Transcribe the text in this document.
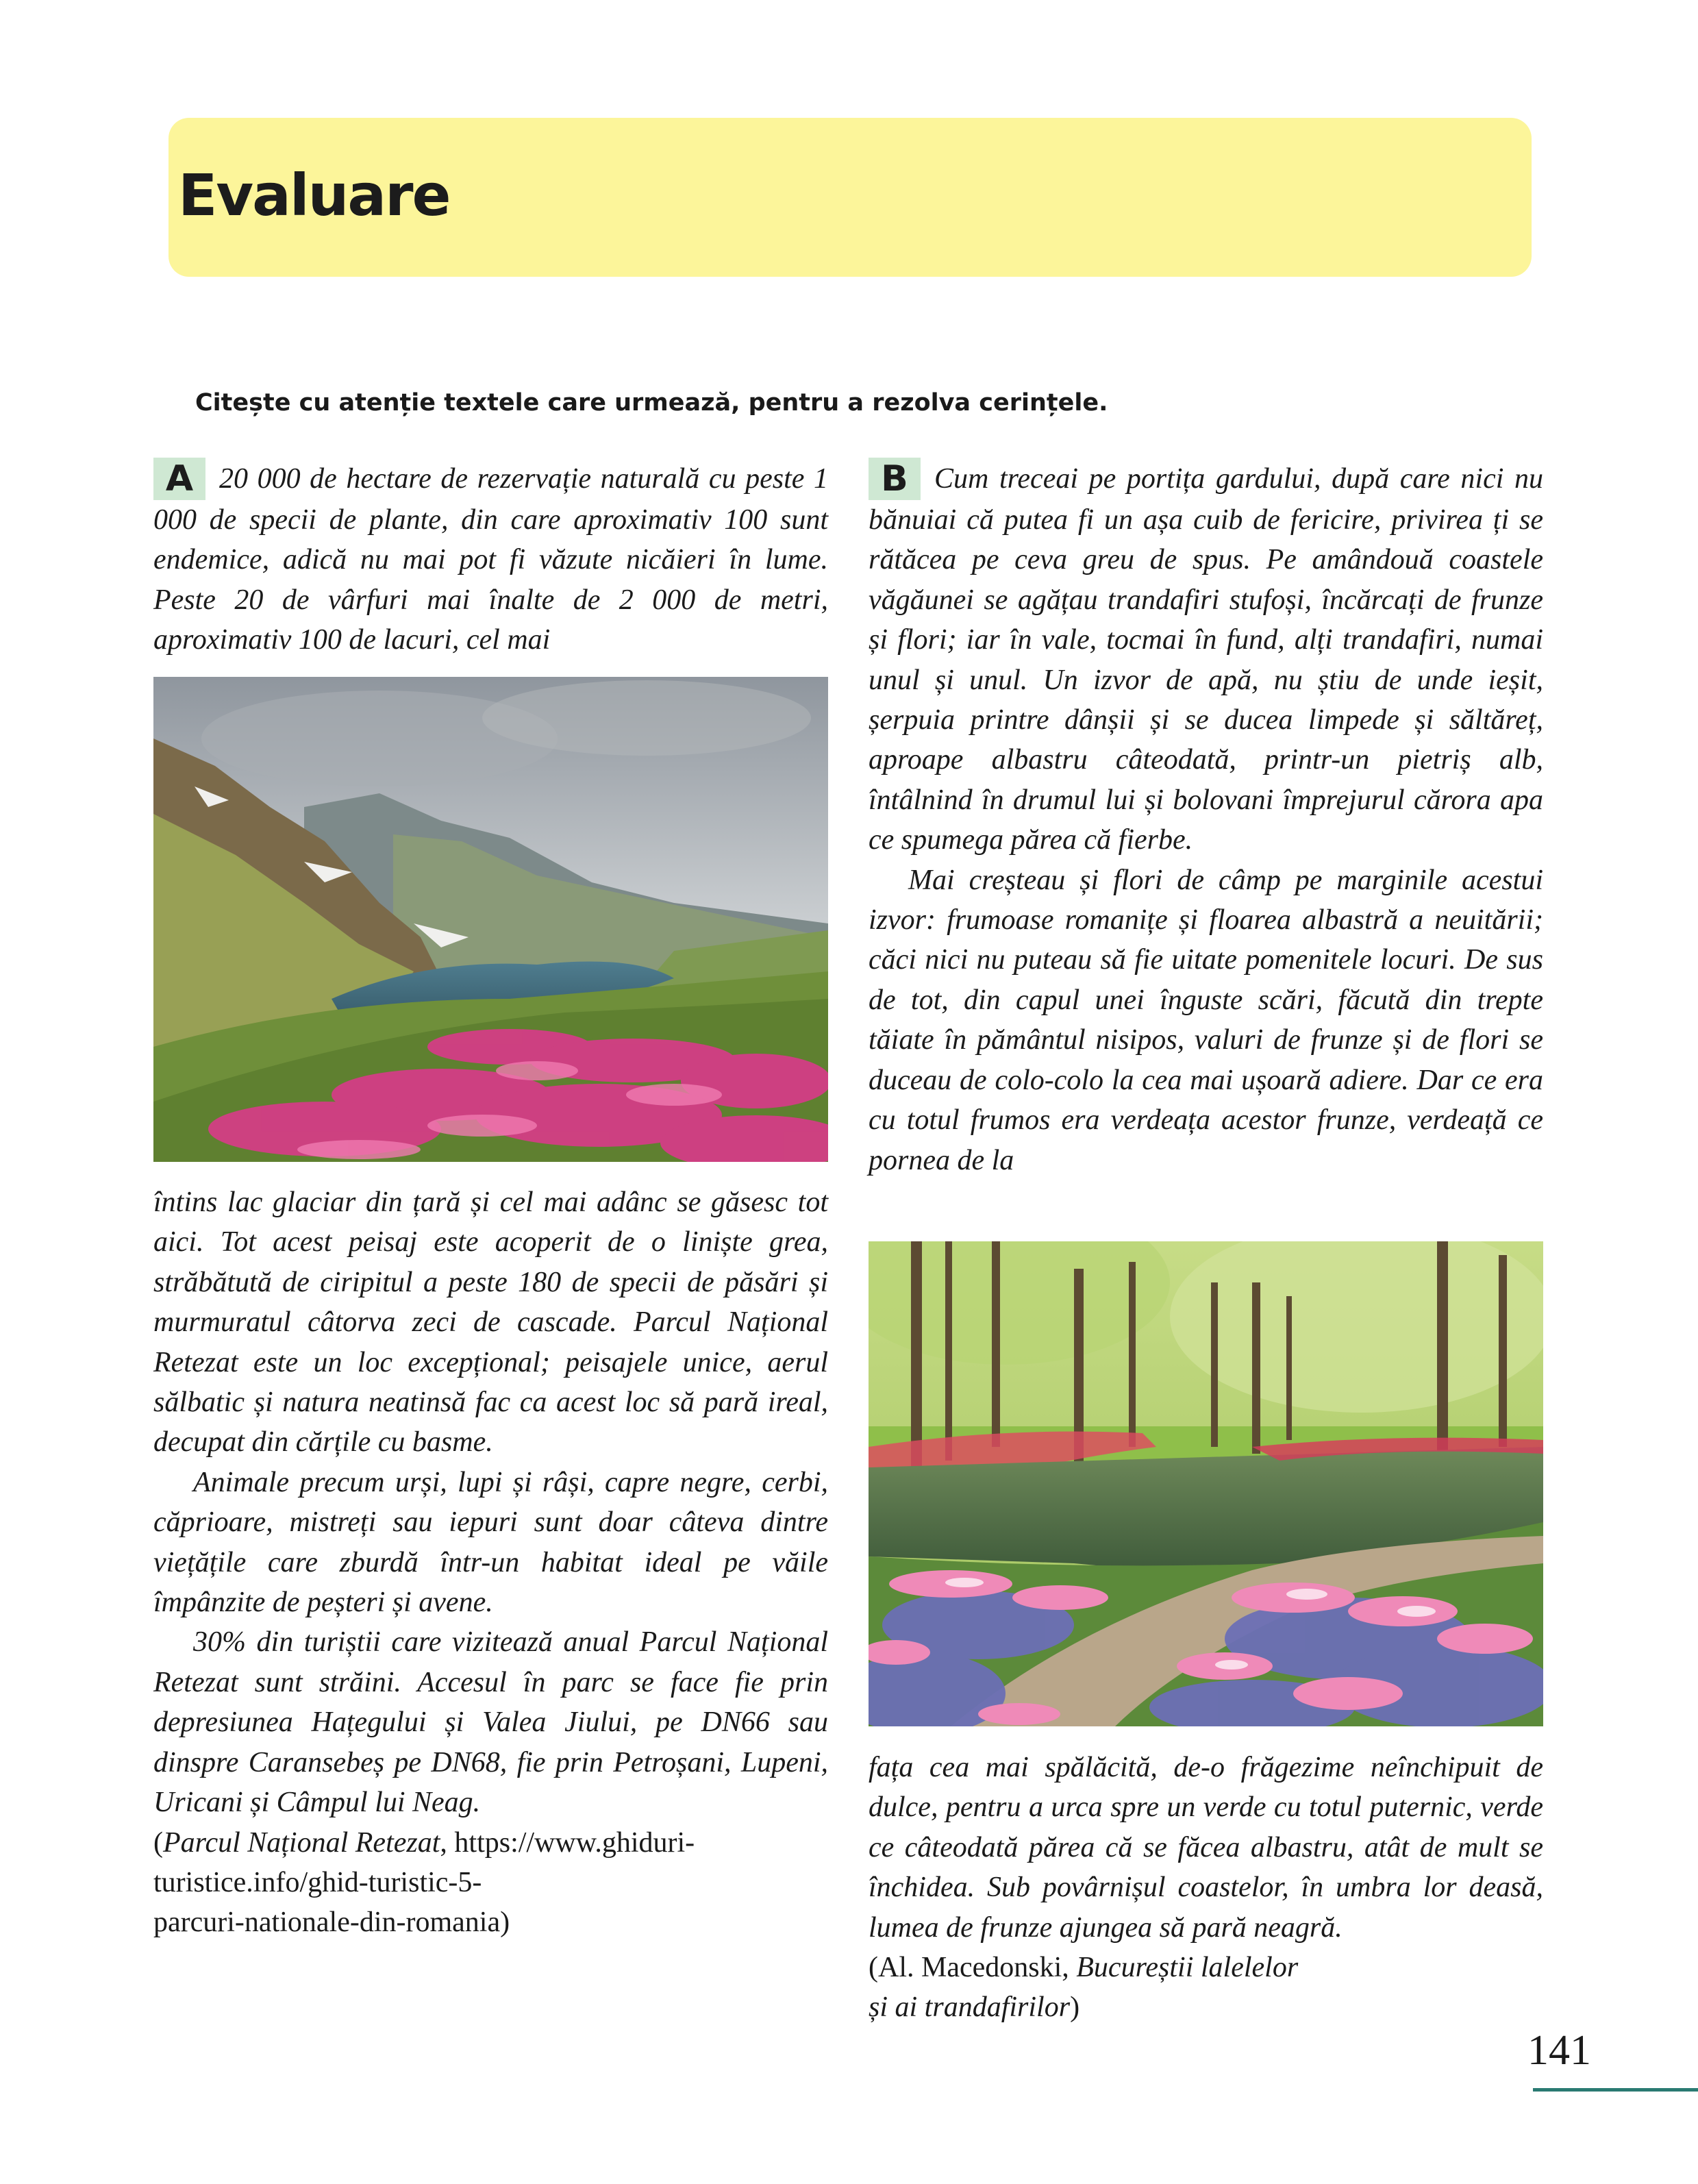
Evaluare
Citește cu atenție textele care urmează, pentru a rezolva cerințele.

A 20 000 de hectare de rezervație naturală cu peste 1 000 de specii de plante, din care aproximativ 100 sunt endemice, adică nu mai pot fi văzute nicăieri în lume. Peste 20 de vârfuri mai înalte de 2 000 de metri, aproximativ 100 de lacuri, cel mai

întins lac glaciar din țară și cel mai adânc se găsesc tot aici. Tot acest peisaj este acoperit de o liniște grea, străbătută de ciripitul a peste 180 de specii de păsări și murmuratul câtorva zeci de cascade. Parcul Național Retezat este un loc excepțional; peisajele unice, aerul sălbatic și natura neatinsă fac ca acest loc să pară ireal, decupat din cărțile cu basme.

Animale precum urși, lupi și râși, capre negre, cerbi, căprioare, mistreți sau iepuri sunt doar câteva dintre viețățile care zburdă într-un habitat ideal pe văile împânzite de peșteri și avene.

30% din turiștii care vizitează anual Parcul Național Retezat sunt străini. Accesul în parc se face fie prin depresiunea Hațegului și Valea Jiului, pe DN66 sau dinspre Caransebeș pe DN68, fie prin Petroșani, Lupeni, Uricani și Câmpul lui Neag.

(Parcul Național Retezat, https://www.ghiduri-
turistice.info/ghid-turistic-5-
parcuri-nationale-din-romania)

B Cum treceai pe portița gardului, după care nici nu bănuiai că putea fi un așa cuib de fericire, privirea ți se rătăcea pe ceva greu de spus. Pe amândouă coastele văgăunei se agățau trandafiri stufoși, încărcați de frunze și flori; iar în vale, tocmai în fund, alți trandafiri, numai unul și unul. Un izvor de apă, nu știu de unde ieșit, șerpuia printre dânșii și se ducea limpede și săltăreț, aproape albastru câteodată, printr-un pietriș alb, întâlnind în drumul lui și bolovani împrejurul cărora apa ce spumega părea că fierbe.

Mai creșteau și flori de câmp pe marginile acestui izvor: frumoase romanițe și floarea albastră a neuitării; căci nici nu puteau să fie uitate pomenitele locuri. De sus de tot, din capul unei înguste scări, făcută din trepte tăiate în pământul nisipos, valuri de frunze și de flori se duceau de colo-colo la cea mai ușoară adiere. Dar ce era cu totul frumos era verdeața acestor frunze, verdeață ce pornea de la

fața cea mai spălăcită, de-o frăgezime neînchipuit de dulce, pentru a urca spre un verde cu totul puternic, verde ce câteodată părea că se făcea albastru, atât de mult se închidea. Sub povârnișul coastelor, în umbra lor deasă, lumea de frunze ajungea să pară neagră.

(Al. Macedonski, Bucureștii lalelelor
și ai trandafirilor)

141
